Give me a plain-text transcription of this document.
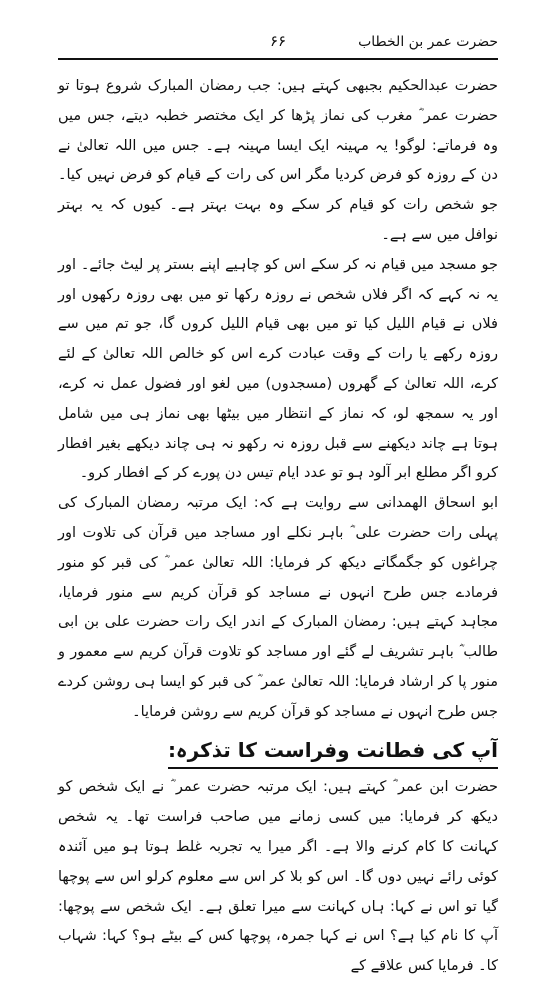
حضرت عمر بن الخطاب
۶۶

حضرت عبدالحکیم بجبھی کہتے ہیں: جب رمضان المبارک شروع ہوتا تو حضرت عمر ؓ مغرب کی نماز پڑھا کر ایک مختصر خطبہ دیتے، جس میں وہ فرماتے: لوگو! یہ مہینہ ایک ایسا مہینہ ہے۔ جس میں اللہ تعالیٰ نے دن کے روزہ کو فرض کردیا مگر اس کی رات کے قیام کو فرض نہیں کیا۔ جو شخص رات کو قیام کر سکے وہ بہت بہتر ہے۔ کیوں کہ یہ بہتر نوافل میں سے ہے۔

جو مسجد میں قیام نہ کر سکے اس کو چاہیے اپنے بستر پر لیٹ جائے۔ اور یہ نہ کہے کہ اگر فلاں شخص نے روزہ رکھا تو میں بھی روزہ رکھوں اور فلاں نے قیام اللیل کیا تو میں بھی قیام اللیل کروں گا، جو تم میں سے روزہ رکھے یا رات کے وقت عبادت کرے اس کو خالص اللہ تعالیٰ کے لئے کرے، اللہ تعالیٰ کے گھروں (مسجدوں) میں لغو اور فضول عمل نہ کرے، اور یہ سمجھ لو، کہ نماز کے انتظار میں بیٹھا بھی نماز ہی میں شامل ہوتا ہے چاند دیکھنے سے قبل روزہ نہ رکھو نہ ہی چاند دیکھے بغیر افطار کرو اگر مطلع ابر آلود ہو تو عدد ایام تیس دن پورے کر کے افطار کرو۔

ابو اسحاق الھمدانی سے روایت ہے کہ: ایک مرتبہ رمضان المبارک کی پہلی رات حضرت علی ؓ باہر نکلے اور مساجد میں قرآن کی تلاوت اور چراغوں کو جگمگاتے دیکھ کر فرمایا: اللہ تعالیٰ عمر ؓ کی قبر کو منور فرمادے جس طرح انہوں نے مساجد کو قرآن کریم سے منور فرمایا، مجاہد کہتے ہیں: رمضان المبارک کے اندر ایک رات حضرت علی بن ابی طالب ؓ باہر تشریف لے گئے اور مساجد کو تلاوت قرآن کریم سے معمور و منور پا کر ارشاد فرمایا: اللہ تعالیٰ عمر ؓ کی قبر کو ایسا ہی روشن کردے جس طرح انہوں نے مساجد کو قرآن کریم سے روشن فرمایا۔

آپ کی فطانت وفراست کا تذکرہ:

حضرت ابن عمر ؓ کہتے ہیں: ایک مرتبہ حضرت عمر ؓ نے ایک شخص کو دیکھ کر فرمایا: میں کسی زمانے میں صاحب فراست تھا۔ یہ شخص کہانت کا کام کرنے والا ہے۔ اگر میرا یہ تجربہ غلط ہوتا ہو میں آئندہ کوئی رائے نہیں دوں گا۔ اس کو بلا کر اس سے معلوم کرلو اس سے پوچھا گیا تو اس نے کہا: ہاں کہانت سے میرا تعلق ہے۔ ایک شخص سے پوچھا: آپ کا نام کیا ہے؟ اس نے کہا جمرہ، پوچھا کس کے بیٹے ہو؟ کہا: شہاب کا۔ فرمایا کس علاقے کے
